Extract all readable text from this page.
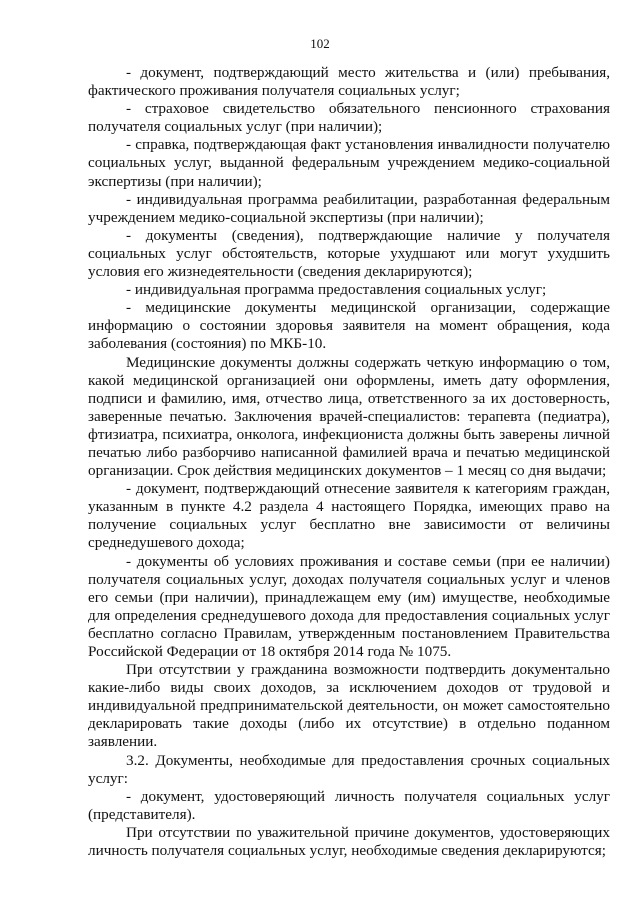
102

- документ, подтверждающий место жительства и (или) пребывания, фактического проживания получателя социальных услуг;

- страховое свидетельство обязательного пенсионного страхования получателя социальных услуг (при наличии);

- справка, подтверждающая факт установления инвалидности получателю социальных услуг, выданной федеральным учреждением медико-социальной экспертизы (при наличии);

- индивидуальная программа реабилитации, разработанная федеральным учреждением медико-социальной экспертизы (при наличии);

- документы (сведения), подтверждающие наличие у получателя социальных услуг обстоятельств, которые ухудшают или могут ухудшить условия его жизнедеятельности (сведения декларируются);

- индивидуальная программа предоставления социальных услуг;

- медицинские документы медицинской организации, содержащие информацию о состоянии здоровья заявителя на момент обращения, кода заболевания (состояния) по МКБ-10.

Медицинские документы должны содержать четкую информацию о том, какой медицинской организацией они оформлены, иметь дату оформления, подписи и фамилию, имя, отчество лица, ответственного за их достоверность, заверенные печатью. Заключения врачей-специалистов: терапевта (педиатра), фтизиатра, психиатра, онколога, инфекциониста должны быть заверены личной печатью либо разборчиво написанной фамилией врача и печатью медицинской организации. Срок действия медицинских документов – 1 месяц со дня выдачи;

- документ, подтверждающий отнесение заявителя к категориям граждан, указанным в пункте 4.2 раздела 4 настоящего Порядка, имеющих право на получение социальных услуг бесплатно вне зависимости от величины среднедушевого дохода;

- документы об условиях проживания и составе семьи (при ее наличии) получателя социальных услуг, доходах получателя социальных услуг и членов его семьи (при наличии), принадлежащем ему (им) имуществе, необходимые для определения среднедушевого дохода для предоставления социальных услуг бесплатно согласно Правилам, утвержденным постановлением Правительства Российской Федерации от 18 октября 2014 года № 1075.

При отсутствии у гражданина возможности подтвердить документально какие-либо виды своих доходов, за исключением доходов от трудовой и индивидуальной предпринимательской деятельности, он может самостоятельно декларировать такие доходы (либо их отсутствие) в отдельно поданном заявлении.

3.2. Документы, необходимые для предоставления срочных социальных услуг:

- документ, удостоверяющий личность получателя социальных услуг (представителя).

При отсутствии по уважительной причине документов, удостоверяющих личность получателя социальных услуг, необходимые сведения декларируются;
